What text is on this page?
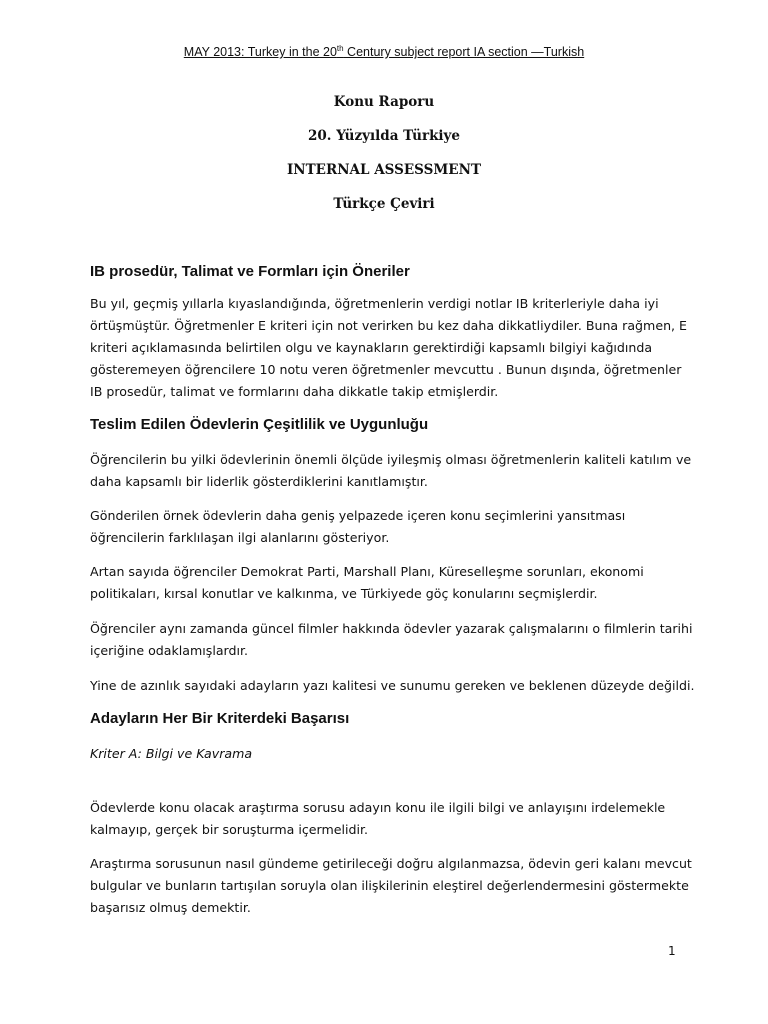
MAY 2013: Turkey in the 20th Century subject report IA section —Turkish
Konu Raporu
20. Yüzyılda Türkiye
INTERNAL ASSESSMENT
Türkçe Çeviri
IB prosedür, Talimat ve Formları için Öneriler
Bu yıl, geçmiş yıllarla kıyaslandığında, öğretmenlerin verdigi notlar IB kriterleriyle daha iyi
örtüşmüştür. Öğretmenler E kriteri için not verirken bu kez daha dikkatliydiler. Buna rağmen, E
kriteri açıklamasında belirtilen olgu ve kaynakların gerektirdiği kapsamlı bilgiyi kağıdında
gösteremeyen öğrencilere 10 notu veren öğretmenler mevcuttu . Bunun dışında, öğretmenler
IB prosedür, talimat ve formlarını daha dikkatle takip etmişlerdir.
Teslim Edilen Ödevlerin Çeşitlilik ve Uygunluğu
Öğrencilerin bu yilki ödevlerinin önemli ölçüde iyileşmiş olması öğretmenlerin kaliteli katılım ve
daha kapsamlı bir liderlik gösterdiklerini kanıtlamıştır.
Gönderilen örnek ödevlerin daha geniş yelpazede içeren konu seçimlerini yansıtması
öğrencilerin farklılaşan ilgi alanlarını gösteriyor.
Artan sayıda öğrenciler Demokrat Parti, Marshall Planı, Küreselleşme sorunları, ekonomi
politikaları, kırsal konutlar ve kalkınma, ve Türkiyede göç konularını seçmişlerdir.
Öğrenciler aynı zamanda güncel filmler hakkında ödevler yazarak çalışmalarını o filmlerin tarihi
içeriğine odaklamışlardır.
Yine de azınlık sayıdaki adayların yazı kalitesi ve sunumu gereken ve beklenen düzeyde değildi.
Adayların Her Bir Kriterdeki Başarısı
Kriter A: Bilgi ve Kavrama
Ödevlerde konu olacak araştırma sorusu adayın konu ile ilgili bilgi ve anlayışını irdelemekle
kalmayıp, gerçek bir soruşturma içermelidir.
Araştırma sorusunun nasıl gündeme getirileceği doğru algılanmazsa, ödevin geri kalanı mevcut
bulgular ve bunların tartışılan soruyla olan ilişkilerinin eleştirel değerlendermesini göstermekte
başarısız olmuş demektir.
1
